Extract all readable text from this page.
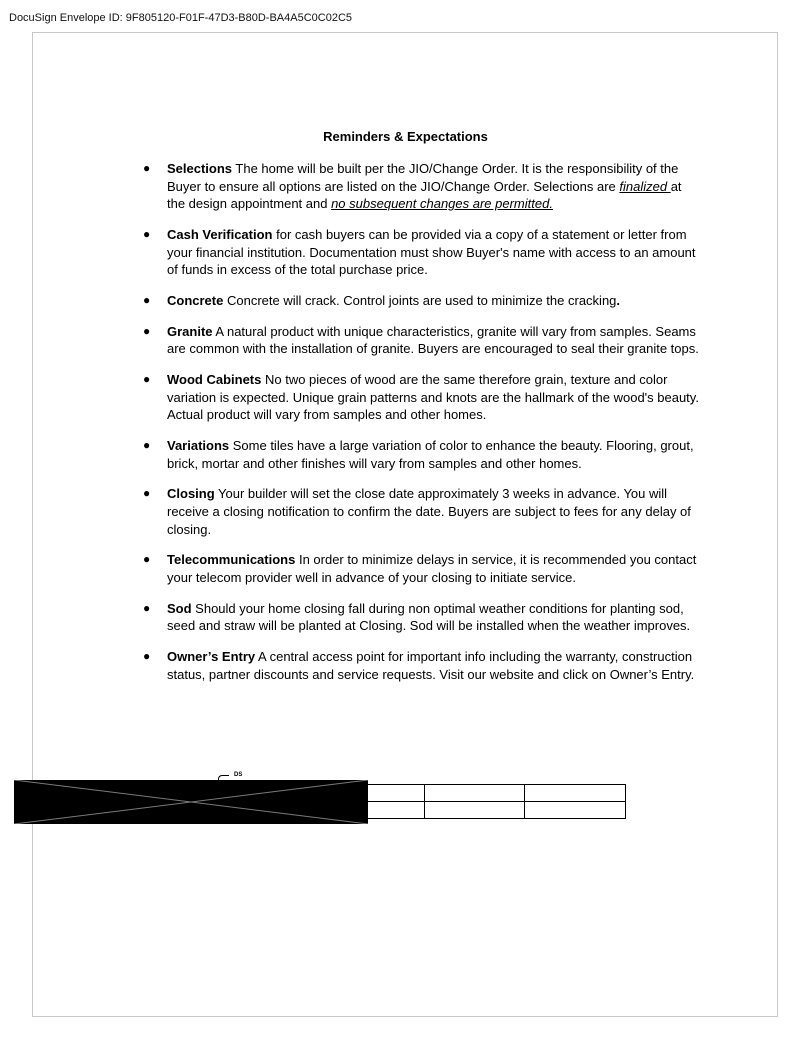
DocuSign Envelope ID: 9F805120-F01F-47D3-B80D-BA4A5C0C02C5
Reminders & Expectations
● Selections The home will be built per the JIO/Change Order. It is the responsibility of the Buyer to ensure all options are listed on the JIO/Change Order. Selections are finalized at the design appointment and no subsequent changes are permitted.
● Cash Verification for cash buyers can be provided via a copy of a statement or letter from your financial institution. Documentation must show Buyer's name with access to an amount of funds in excess of the total purchase price.
● Concrete Concrete will crack. Control joints are used to minimize the cracking.
● Granite A natural product with unique characteristics, granite will vary from samples. Seams are common with the installation of granite. Buyers are encouraged to seal their granite tops.
● Wood Cabinets No two pieces of wood are the same therefore grain, texture and color variation is expected. Unique grain patterns and knots are the hallmark of the wood's beauty. Actual product will vary from samples and other homes.
● Variations Some tiles have a large variation of color to enhance the beauty. Flooring, grout, brick, mortar and other finishes will vary from samples and other homes.
● Closing Your builder will set the close date approximately 3 weeks in advance. You will receive a closing notification to confirm the date. Buyers are subject to fees for any delay of closing.
● Telecommunications In order to minimize delays in service, it is recommended you contact your telecom provider well in advance of your closing to initiate service.
● Sod Should your home closing fall during non optimal weather conditions for planting sod, seed and straw will be planted at Closing. Sod will be installed when the weather improves.
● Owner’s Entry A central access point for important info including the warranty, construction status, partner discounts and service requests. Visit our website and click on Owner’s Entry.
DS
